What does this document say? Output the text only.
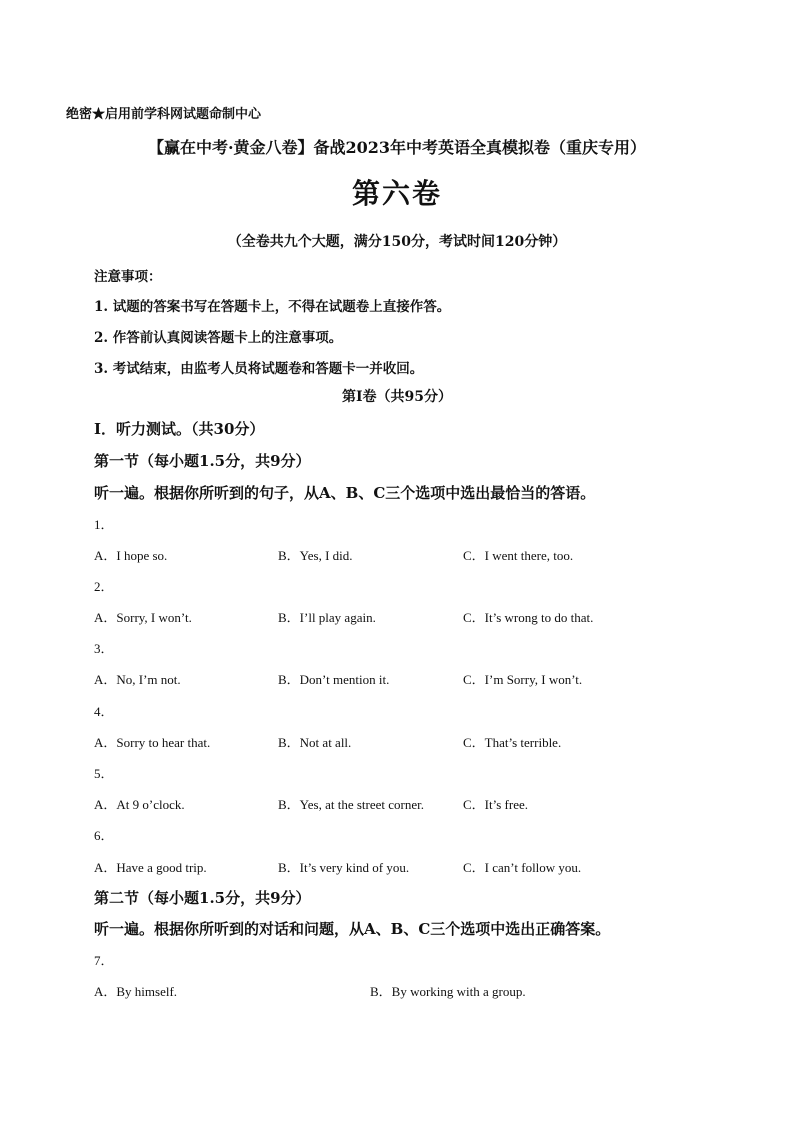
绝密★启用前学科网试题命制中心
【赢在中考·黄金八卷】备战2023年中考英语全真模拟卷（重庆专用）
第六卷
（全卷共九个大题，满分150分，考试时间120分钟）
注意事项：
1. 试题的答案书写在答题卡上，不得在试题卷上直接作答。
2. 作答前认真阅读答题卡上的注意事项。
3. 考试结束，由监考人员将试题卷和答题卡一并收回。
第Ⅰ卷（共95分）
Ⅰ．听力测试。（共30分）
第一节（每小题1.5分，共9分）
听一遍。根据你所听到的句子，从A、B、C三个选项中选出最恰当的答语。
1．
A．I hope so.	B．Yes, I did.	C．I went there, too.
2．
A．Sorry, I won’t.	B．I’ll play again.	C．It’s wrong to do that.
3．
A．No, I’m not.	B．Don’t mention it.	C．I’m Sorry, I won’t.
4．
A．Sorry to hear that.	B．Not at all.	C．That’s terrible.
5．
A．At 9 o’clock.	B．Yes, at the street corner.	C．It’s free.
6．
A．Have a good trip.	B．It’s very kind of you.	C．I can’t follow you.
第二节（每小题1.5分，共9分）
听一遍。根据你所听到的对话和问题，从A、B、C三个选项中选出正确答案。
7．
A．By himself.	B．By working with a group.
